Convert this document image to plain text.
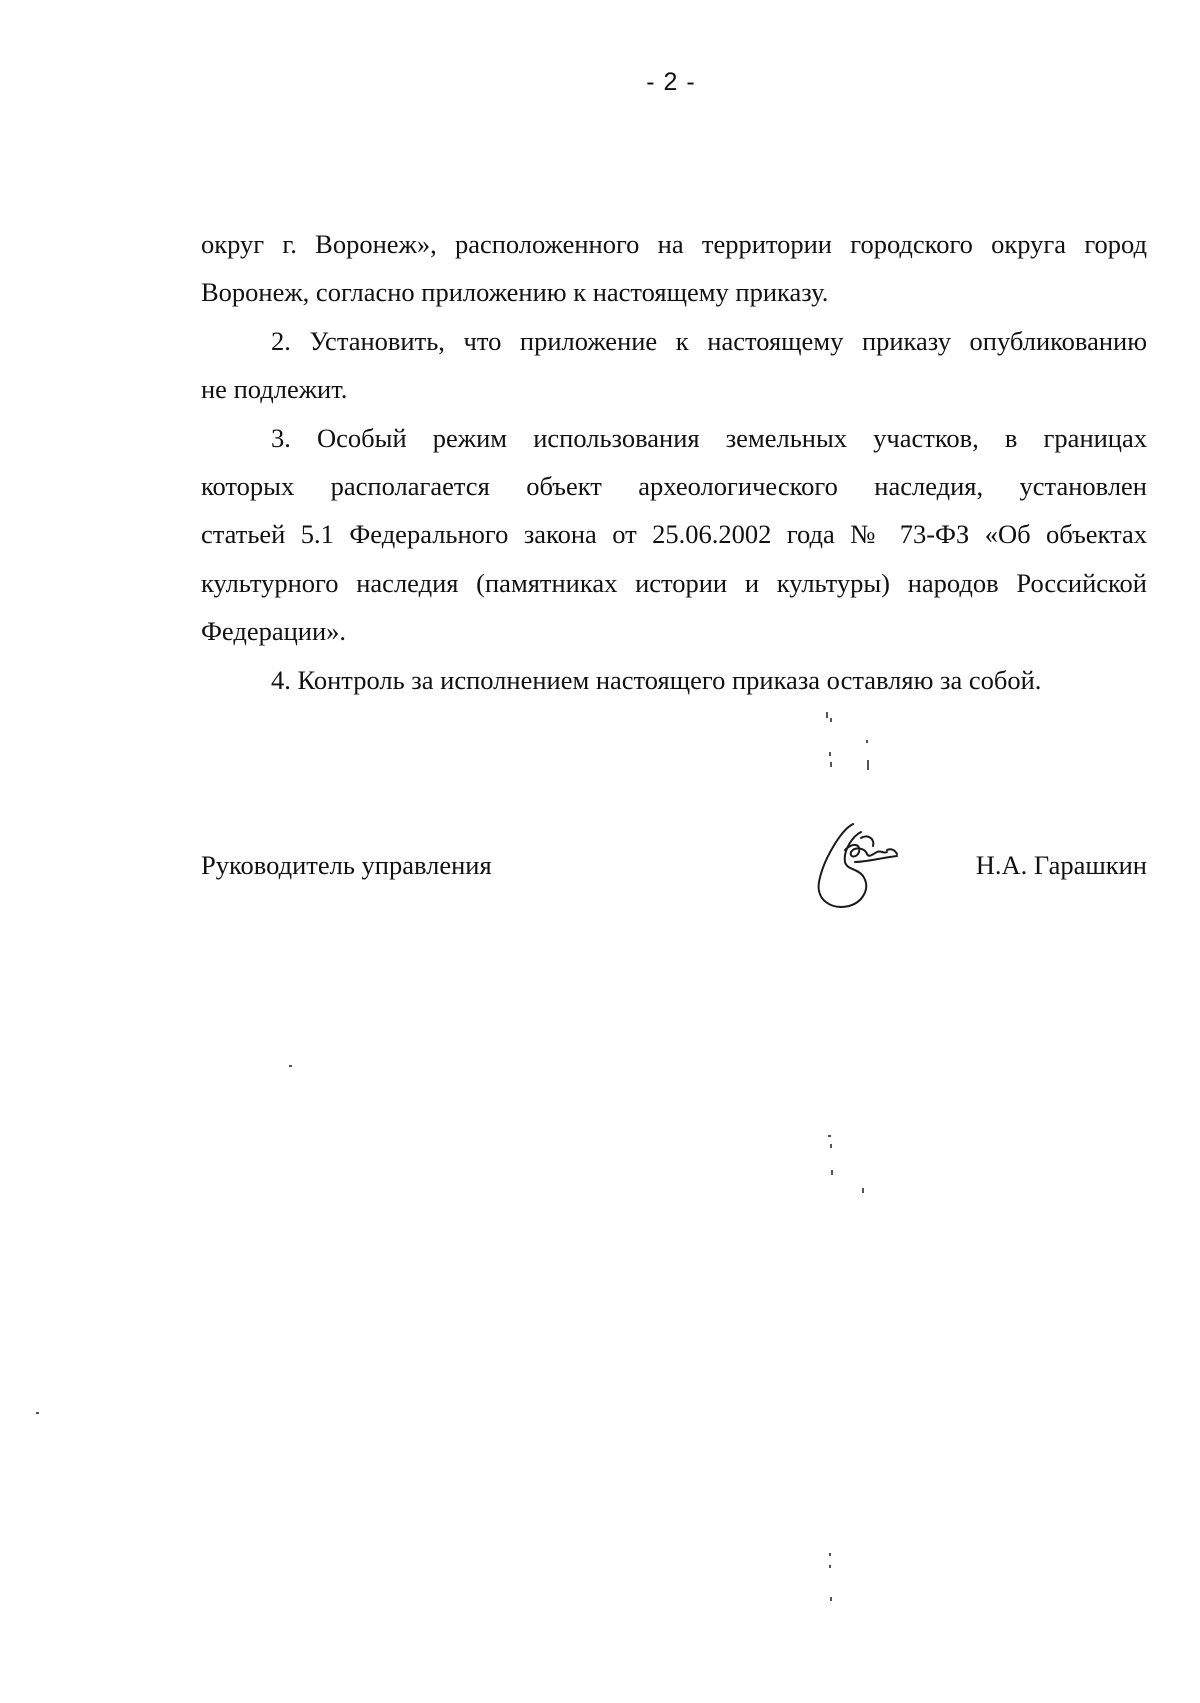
- 2 -

округ г. Воронеж», расположенного на территории городского округа город
Воронеж, согласно приложению к настоящему приказу.

2. Установить, что приложение к настоящему приказу опубликованию
не подлежит.

3. Особый режим использования земельных участков, в границах
которых располагается объект археологического наследия, установлен
статьей 5.1 Федерального закона от 25.06.2002 года № 73-ФЗ «Об объектах
культурного наследия (памятниках истории и культуры) народов Российской
Федерации».

4. Контроль за исполнением настоящего приказа оставляю за собой.

Руководитель управления	Н.А. Гарашкин
